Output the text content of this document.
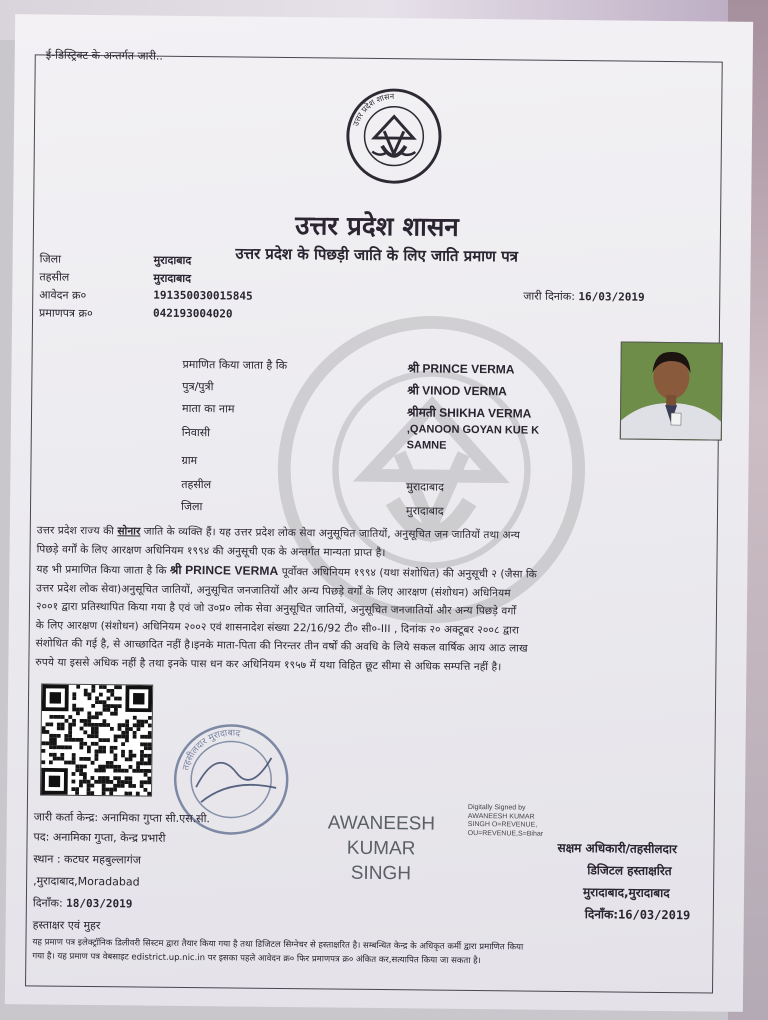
ई-डिस्ट्रिक्ट के अन्तर्गत जारी..
उत्तर प्रदेश शासन
उत्तर प्रदेश शासन
उत्तर प्रदेश के पिछड़ी जाति के लिए जाति प्रमाण पत्र
जिला	मुरादाबाद
तहसील	मुरादाबाद
आवेदन क्र०	191350030015845
प्रमाणपत्र क्र०	042193004020
जारी दिनांक: 16/03/2019
प्रमाणित किया जाता है कि	श्री PRINCE VERMA
पुत्र/पुत्री	श्री VINOD VERMA
माता का नाम	श्रीमती SHIKHA VERMA
निवासी	,QANOON GOYAN KUE K
SAMNE
ग्राम
तहसील	मुरादाबाद
जिला	मुरादाबाद
उत्तर प्रदेश राज्य की सोनार जाति के व्यक्ति हैं। यह उत्तर प्रदेश लोक सेवा अनुसूचित जातियों, अनुसूचित जन जातियों तथा अन्य
पिछड़े वर्गों के लिए आरक्षण अधिनियम १९९४ की अनुसूची एक के अन्तर्गत मान्यता प्राप्त है।
यह भी प्रमाणित किया जाता है कि श्री PRINCE VERMA पूर्वोक्त अधिनियम १९९४ (यथा संशोधित) की अनुसूची २ (जैसा कि
उत्तर प्रदेश लोक सेवा)अनुसूचित जातियों, अनुसूचित जनजातियों और अन्य पिछड़े वर्गों के लिए आरक्षण (संशोधन) अधिनियम
२००१ द्वारा प्रतिस्थापित किया गया है एवं जो उ०प्र० लोक सेवा अनुसूचित जातियों, अनुसूचित जनजातियों और अन्य पिछड़े वर्गों
के लिए आरक्षण (संशोधन) अधिनियम २००२ एवं शासनादेश संख्या 22/16/92 टी० सी०-III , दिनांक २० अक्टूबर २००८ द्वारा
संशोधित की गई है, से आच्छादित नहीं है।इनके माता-पिता की निरन्तर तीन वर्षों की अवधि के लिये सकल वार्षिक आय आठ लाख
रुपये या इससे अधिक नहीं है तथा इनके पास धन कर अधिनियम १९५७ में यथा विहित छूट सीमा से अधिक सम्पत्ति नहीं है।
तहसीलदार मुरादाबाद
जारी कर्ता केन्द्र: अनामिका गुप्ता सी.एस.सी.
पद: अनामिका गुप्ता, केन्द्र प्रभारी
स्थान : कटघर महबुल्लागंज
,मुरादाबाद,Moradabad
दिनाँक: 18/03/2019
हस्ताक्षर एवं मुहर
AWANEESH
KUMAR
SINGH
Digitally Signed by
AWANEESH KUMAR
SINGH O=REVENUE,
OU=REVENUE,S=Bihar
सक्षम अधिकारी/तहसीलदार
डिजिटल हस्ताक्षरित
मुरादाबाद,मुरादाबाद
दिनाँक:16/03/2019
यह प्रमाण पत्र इलेक्ट्रॉनिक डिलीवरी सिस्टम द्वारा तैयार किया गया है तथा डिजिटल सिग्नेचर से हस्ताक्षरित है। सम्बन्धित केन्द्र के अधिकृत कर्मी द्वारा प्रमाणित किया
गया है। यह प्रमाण पत्र वेबसाइट edistrict.up.nic.in पर इसका पहले आवेदन क्र० फिर प्रमाणपत्र क्र० अंकित कर,सत्यापित किया जा सकता है।
